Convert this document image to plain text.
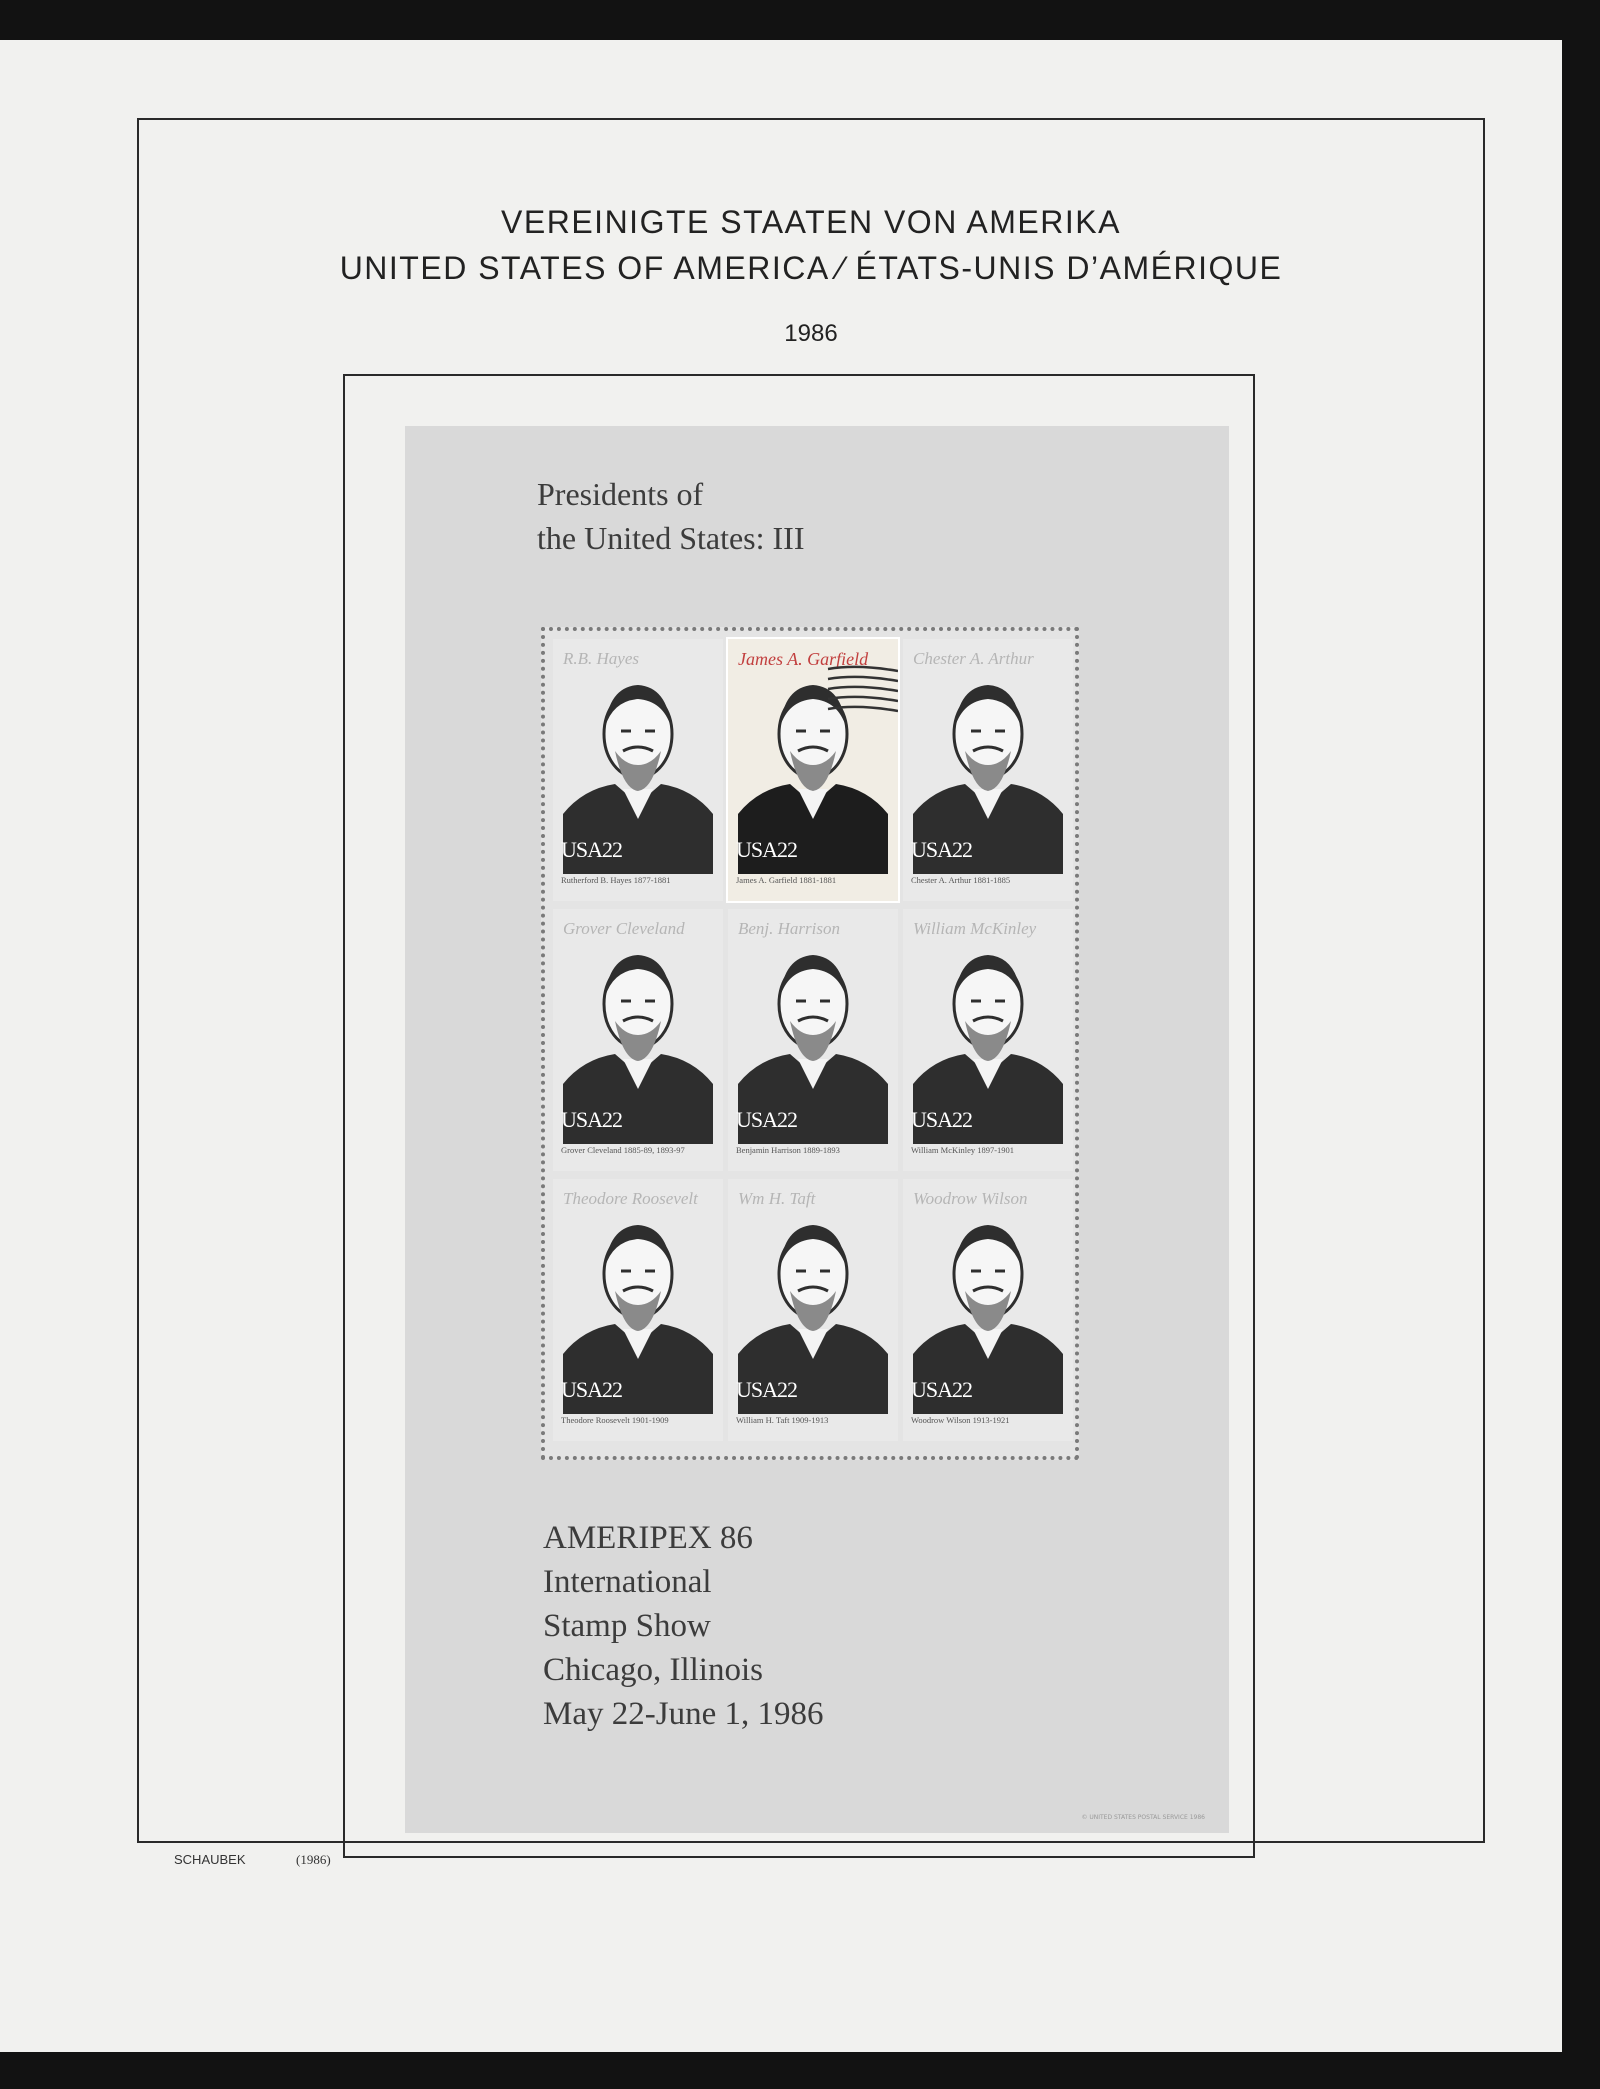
VEREINIGTE STAATEN VON AMERIKA
UNITED STATES OF AMERICA ⁄ ÉTATS-UNIS D’AMÉRIQUE
1986
Presidents of
the United States: III
R.B. Hayes
USA22
Rutherford B. Hayes 1877-1881
James A. Garfield
USA22
James A. Garfield 1881-1881
Chester A. Arthur
USA22
Chester A. Arthur 1881-1885
Grover Cleveland
USA22
Grover Cleveland 1885-89, 1893-97
Benj. Harrison
USA22
Benjamin Harrison 1889-1893
William McKinley
USA22
William McKinley 1897-1901
Theodore Roosevelt
USA22
Theodore Roosevelt 1901-1909
Wm H. Taft
USA22
William H. Taft 1909-1913
Woodrow Wilson
USA22
Woodrow Wilson 1913-1921
AMERIPEX 86
International
Stamp Show
Chicago, Illinois
May 22-June 1, 1986
© UNITED STATES POSTAL SERVICE 1986
SCHAUBEK	(1986)
